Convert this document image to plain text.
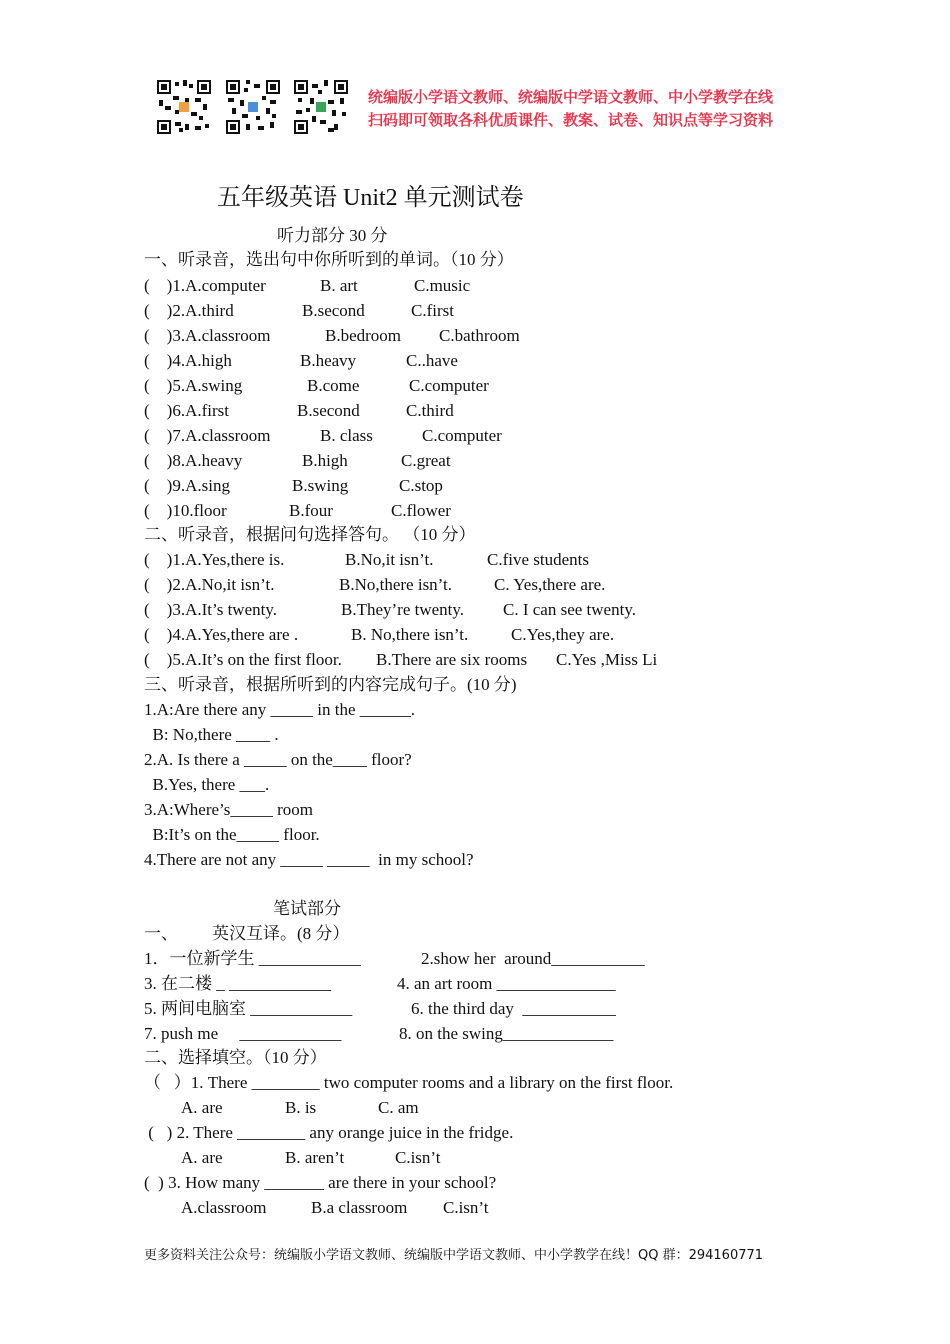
统编版小学语文教师、统编版中学语文教师、中小学教学在线
扫码即可领取各科优质课件、教案、试卷、知识点等学习资料
五年级英语 Unit2 单元测试卷
听力部分 30 分
一、听录音，选出句中你所听到的单词。（10 分）
(    )1.A.computer	B. art	C.music
(    )2.A.third	B.second	C.first
(    )3.A.classroom	B.bedroom C.bathroom
(    )4.A.high	B.heavy	C..have
(    )5.A.swing	B.come	C.computer
(    )6.A.first	B.second	C.third
(    )7.A.classroom	B. class	C.computer
(    )8.A.heavy	B.high	C.great
(    )9.A.sing	B.swing	C.stop
(    )10.floor	B.four	C.flower
二、听录音，根据问句选择答句。 （10 分）
(    )1.A.Yes,there is.	B.No,it isn’t.	C.five students
(    )2.A.No,it isn’t.	B.No,there isn’t. C. Yes,there are.
(    )3.A.It’s twenty.	B.They’re twenty. C. I can see twenty.
(    )4.A.Yes,there are .	B. No,there isn’t.	C.Yes,they are.
(    )5.A.It’s on the first floor. B.There are six rooms C.Yes ,Miss Li
三、听录音，根据所听到的内容完成句子。(10 分)
1.A:Are there any _____ in the ______.
B: No,there ____ .
2.A. Is there a _____ on the____ floor?
B.Yes, there ___.
3.A:Where’s_____ room
B:It’s on the_____ floor.
4.There are not any _____ _____  in my school?
笔试部分
一、 英汉互译。(8 分）
1．一位新学生 ____________	2.show her  around___________
3. 在二楼 _ ____________	4. an art room ______________
5. 两间电脑室 ____________	6. the third day  ___________
7. push me     ____________	8. on the swing_____________
二、选择填空。（10 分）
（   ）1. There ________ two computer rooms and a library on the first floor.
A. are	B. is	C. am
(   ) 2. There ________ any orange juice in the fridge.
A. are	B. aren’t	C.isn’t
(  ) 3. How many _______ are there in your school?
A.classroom	B.a classroom C.isn’t
更多资料关注公众号：统编版小学语文教师、统编版中学语文教师、中小学教学在线！QQ 群：294160771
